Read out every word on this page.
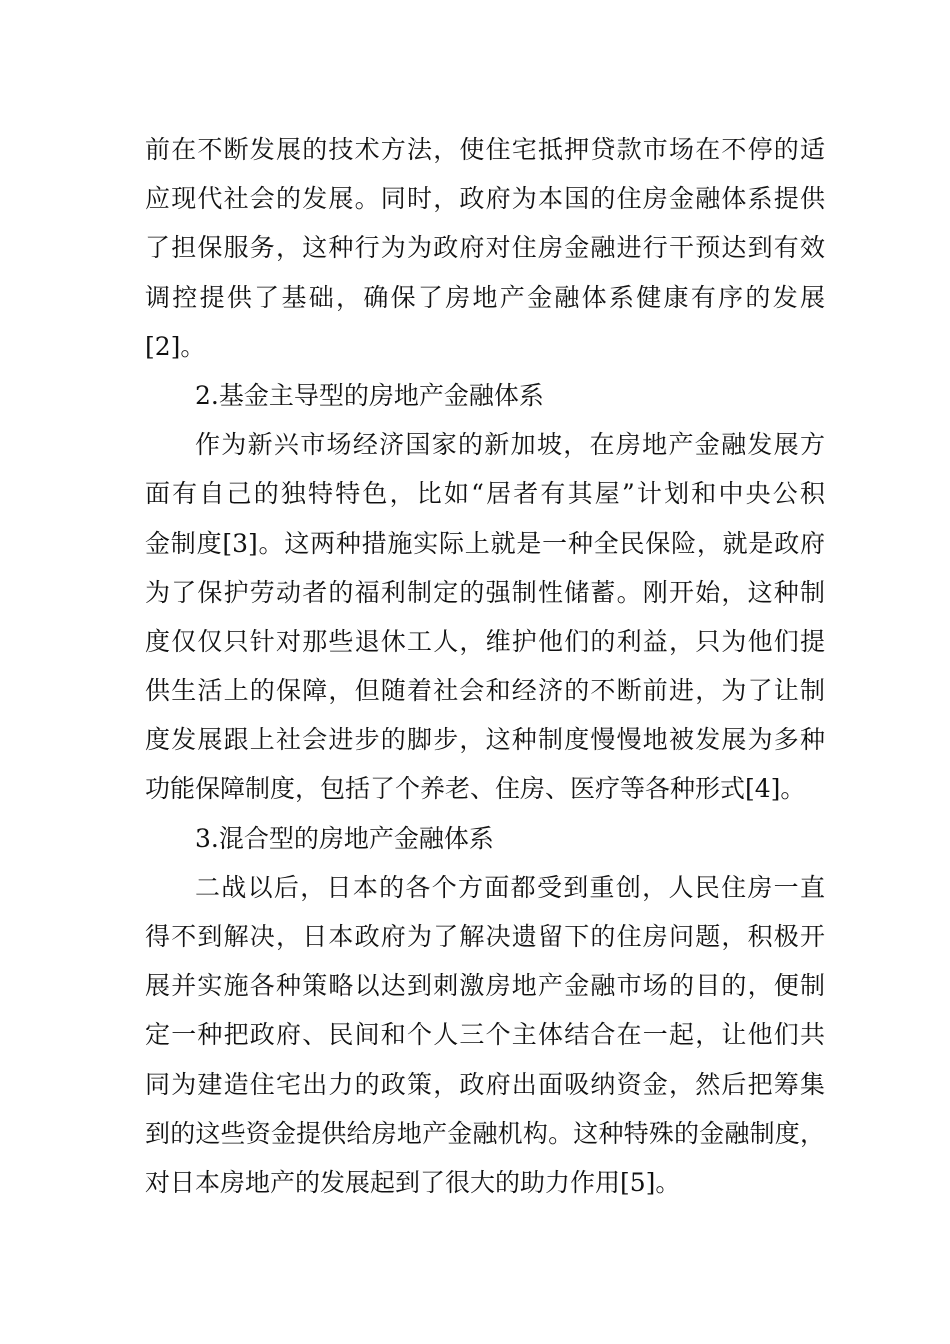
前在不断发展的技术方法，使住宅抵押贷款市场在不停的适
应现代社会的发展。同时，政府为本国的住房金融体系提供
了担保服务，这种行为为政府对住房金融进行干预达到有效
调控提供了基础，确保了房地产金融体系健康有序的发展
[2]。
2.基金主导型的房地产金融体系
作为新兴市场经济国家的新加坡，在房地产金融发展方
面有自己的独特特色，比如“居者有其屋”计划和中央公积
金制度[3]。这两种措施实际上就是一种全民保险，就是政府
为了保护劳动者的福利制定的强制性储蓄。刚开始，这种制
度仅仅只针对那些退休工人，维护他们的利益，只为他们提
供生活上的保障，但随着社会和经济的不断前进，为了让制
度发展跟上社会进步的脚步，这种制度慢慢地被发展为多种
功能保障制度，包括了个养老、住房、医疗等各种形式[4]。
3.混合型的房地产金融体系
二战以后，日本的各个方面都受到重创，人民住房一直
得不到解决，日本政府为了解决遗留下的住房问题，积极开
展并实施各种策略以达到刺激房地产金融市场的目的，便制
定一种把政府、民间和个人三个主体结合在一起，让他们共
同为建造住宅出力的政策，政府出面吸纳资金，然后把筹集
到的这些资金提供给房地产金融机构。这种特殊的金融制度，
对日本房地产的发展起到了很大的助力作用[5]。
